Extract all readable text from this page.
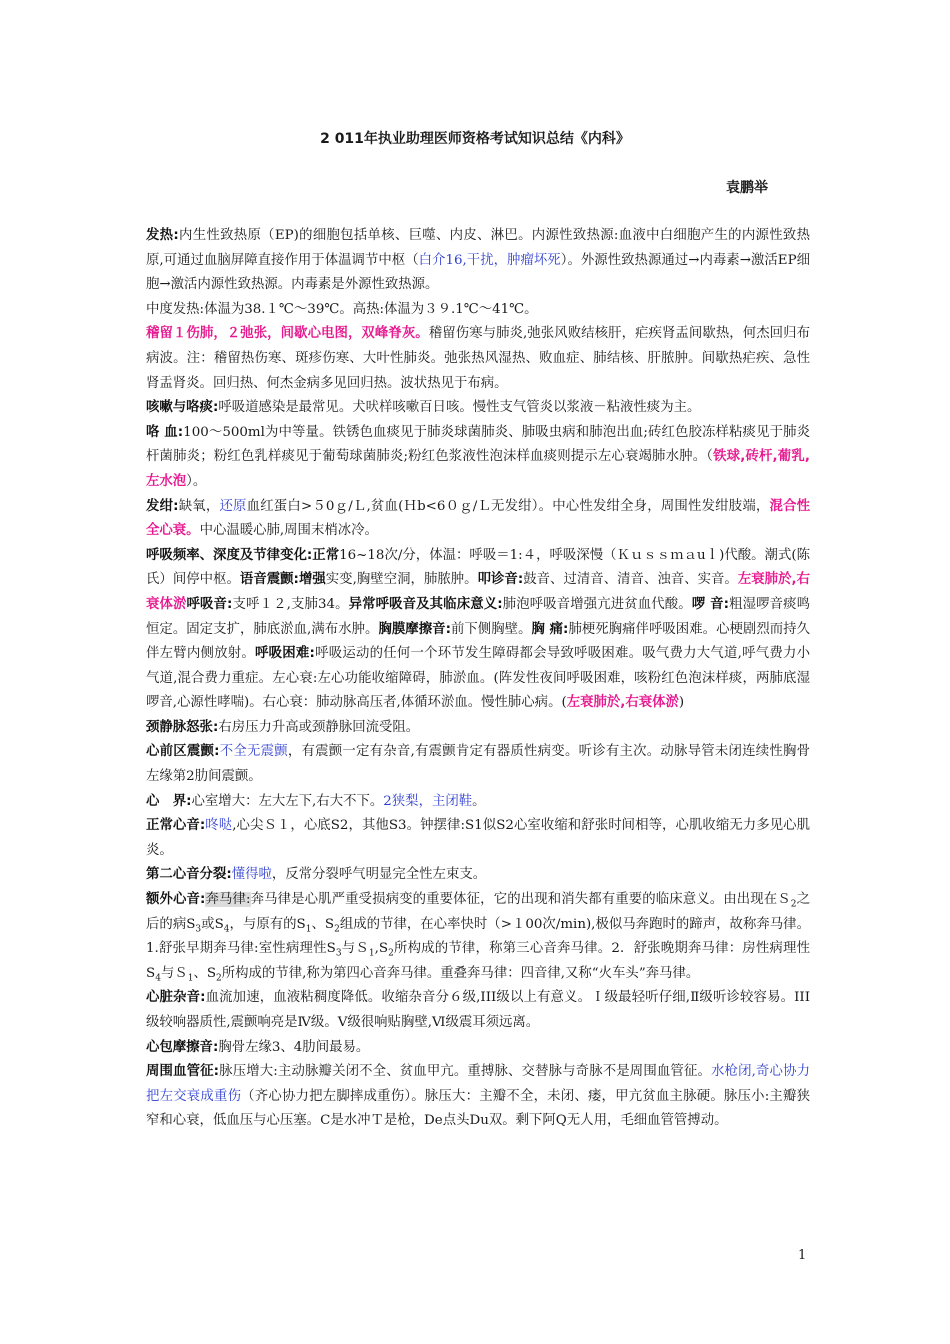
2 011年执业助理医师资格考试知识总结《内科》
袁鹏举

发热:内生性致热原（EP)的细胞包括单核、巨噬、内皮、淋巴。内源性致热源:血液中白细胞产生的内源性致热原,可通过血脑屏障直接作用于体温调节中枢（白介16,干扰，肿瘤坏死）。外源性致热源通过→内毒素→激活EP细胞→激活内源性致热源。内毒素是外源性致热源。

中度发热:体温为38.１℃～39℃。高热:体温为３９.1℃～41℃。

稽留１伤肺，２弛张，间歇心电图，双峰脊灰。稽留伤寒与肺炎,弛张风败结核肝，疟疾肾盂间歇热，何杰回归布病波。注：稽留热伤寒、斑疹伤寒、大叶性肺炎。弛张热风湿热、败血症、肺结核、肝脓肿。间歇热疟疾、急性肾盂肾炎。回归热、何杰金病多见回归热。波状热见于布病。

咳嗽与咯痰:呼吸道感染是最常见。犬吠样咳嗽百日咳。慢性支气管炎以浆液－粘液性痰为主。

咯 血:100～500ml为中等量。铁锈色血痰见于肺炎球菌肺炎、肺吸虫病和肺泡出血;砖红色胶冻样粘痰见于肺炎杆菌肺炎；粉红色乳样痰见于葡萄球菌肺炎;粉红色浆液性泡沫样血痰则提示左心衰竭肺水肿。（铁球,砖杆,葡乳,左水泡）。

发绀:缺氧，还原血红蛋白>５0ｇ/Ｌ,贫血(Ｈb<6０ｇ/Ｌ无发绀）。中心性发绀全身，周围性发绀肢端，混合性全心衰。中心温暖心肺,周围末梢冰冷。

呼吸频率、深度及节律变化:正常16~18次/分，体温：呼吸＝1:４，呼吸深慢（Ｋｕｓｓｍａuｌ)代酸。潮式(陈氏）间停中枢。语音震颤:增强实变,胸壁空洞，肺脓肿。叩诊音:鼓音、过清音、清音、浊音、实音。左衰肺於,右衰体淤呼吸音:支呼１２,支肺34。异常呼吸音及其临床意义:肺泡呼吸音增强亢进贫血代酸。啰 音:粗湿啰音痰鸣恒定。固定支扩，肺底淤血,满布水肿。胸膜摩擦音:前下侧胸壁。胸 痛:肺梗死胸痛伴呼吸困难。心梗剧烈而持久伴左臂内侧放射。呼吸困难:呼吸运动的任何一个环节发生障碍都会导致呼吸困难。吸气费力大气道,呼气费力小气道,混合费力重症。左心衰:左心功能收缩障碍，肺淤血。(阵发性夜间呼吸困难，咳粉红色泡沫样痰，两肺底湿啰音,心源性哮喘)。右心衰：肺动脉高压者,体循环淤血。慢性肺心病。(左衰肺於,右衰体淤)

颈静脉怒张:右房压力升高或颈静脉回流受阻。

心前区震颤:不全无震颤，有震颤一定有杂音,有震颤肯定有器质性病变。听诊有主次。动脉导管未闭连续性胸骨左缘第2肋间震颤。

心　界:心室增大：左大左下,右大不下。2狭梨，主闭鞋。

正常心音:咚哒,心尖Ｓ１，心底S2，其他S3。钟摆律:S1似S2心室收缩和舒张时间相等，心肌收缩无力多见心肌炎。

第二心音分裂:懂得啦，反常分裂呼气明显完全性左束支。

额外心音:奔马律:奔马律是心肌严重受损病变的重要体征，它的出现和消失都有重要的临床意义。由出现在Ｓ$_2$之后的病$S_3$或$S_4$，与原有的$S_1$、$S_2$组成的节律，在心率快时（>１00次/min),极似马奔跑时的蹄声，故称奔马律。1.舒张早期奔马律:室性病理性$S_3$与$S_1,S_2$所构成的节律，称第三心音奔马律。2．舒张晚期奔马律：房性病理性$S_4$与Ｓ$_1$、$S_2$所构成的节律,称为第四心音奔马律。重叠奔马律：四音律,又称“火车头”奔马律。

心脏杂音:血流加速，血液粘稠度降低。收缩杂音分６级,III级以上有意义。Ｉ级最轻听仔细,Ⅱ级听诊较容易。III级较响器质性,震颤响亮是Ⅳ级。Ⅴ级很响贴胸壁,Ⅵ级震耳须远离。

心包摩擦音:胸骨左缘3、4肋间最易。

周围血管征:脉压增大:主动脉瓣关闭不全、贫血甲亢。重搏脉、交替脉与奇脉不是周围血管征。水枪闭,奇心协力把左交衰成重伤（齐心协力把左脚摔成重伤）。脉压大：主瓣不全，未闭、瘘，甲亢贫血主脉硬。脉压小:主瓣狭窄和心衰，低血压与心压塞。C是水冲Ｔ是枪，De点头Du双。剩下阿Q无人用，毛细血管管搏动。

1
